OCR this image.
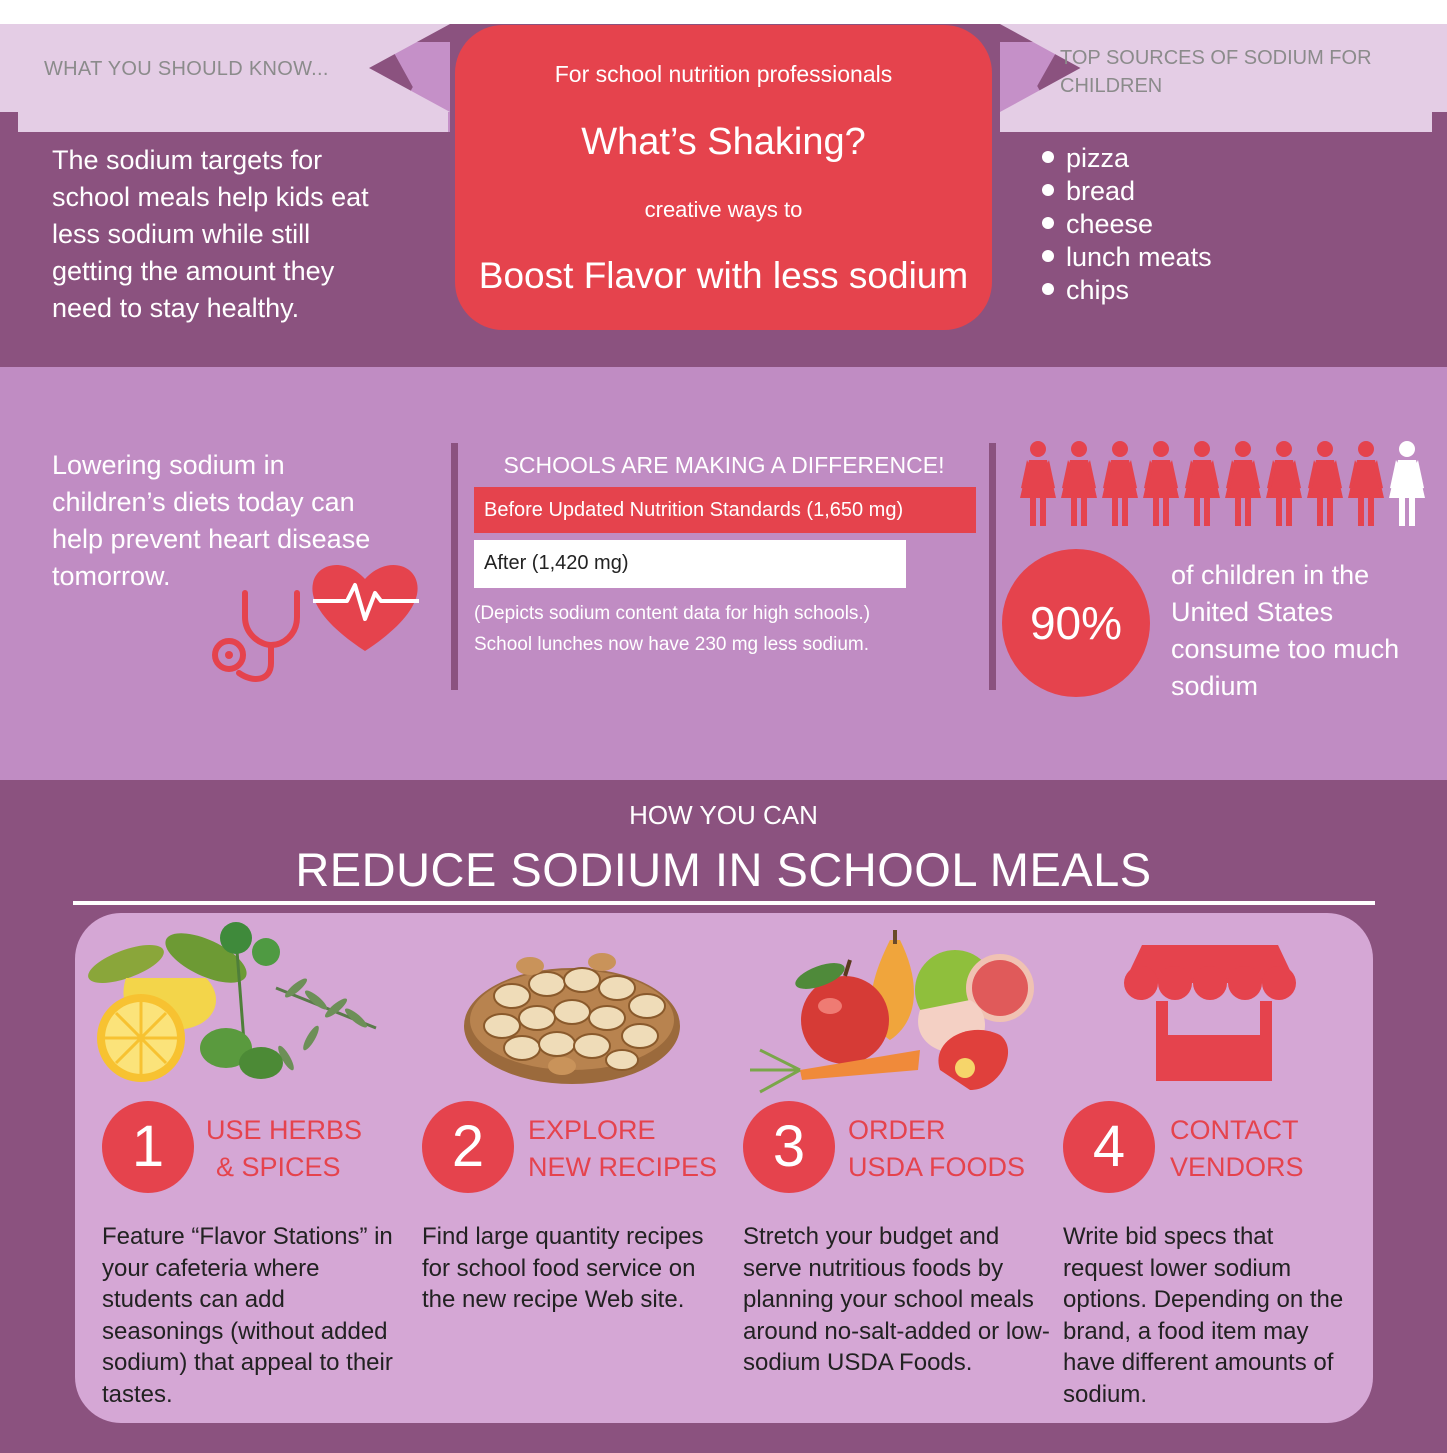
WHAT YOU SHOULD KNOW...	TOP SOURCES OF SODIUM FOR CHILDREN
The sodium targets for school meals help kids eat less sodium while still getting the amount they need to stay healthy.
For school nutrition professionals
What’s Shaking?
creative ways to
Boost Flavor with less sodium
pizza
bread
cheese
lunch meats
chips
Lowering sodium in children’s diets today can help prevent heart disease tomorrow.
SCHOOLS ARE MAKING A DIFFERENCE!
Before Updated Nutrition Standards (1,650 mg)
After (1,420 mg)
(Depicts sodium content data for high schools.)
School lunches now have 230 mg less sodium.	90%
of children in the United States consume too much sodium
HOW YOU CAN
REDUCE SODIUM IN SCHOOL MEALS
1	USE HERBS
& SPICES
Feature “Flavor Stations” in your cafeteria where students can add seasonings (without added sodium) that appeal to their tastes.
2	EXPLORE
NEW RECIPES
Find large quantity recipes for school food service on the new recipe Web site.
3	ORDER
USDA FOODS
Stretch your budget and serve nutritious foods by planning your school meals around no-salt-added or low-sodium USDA Foods.
4	CONTACT
VENDORS
Write bid specs that request lower sodium options. Depending on the brand, a food item may have different amounts of sodium.
